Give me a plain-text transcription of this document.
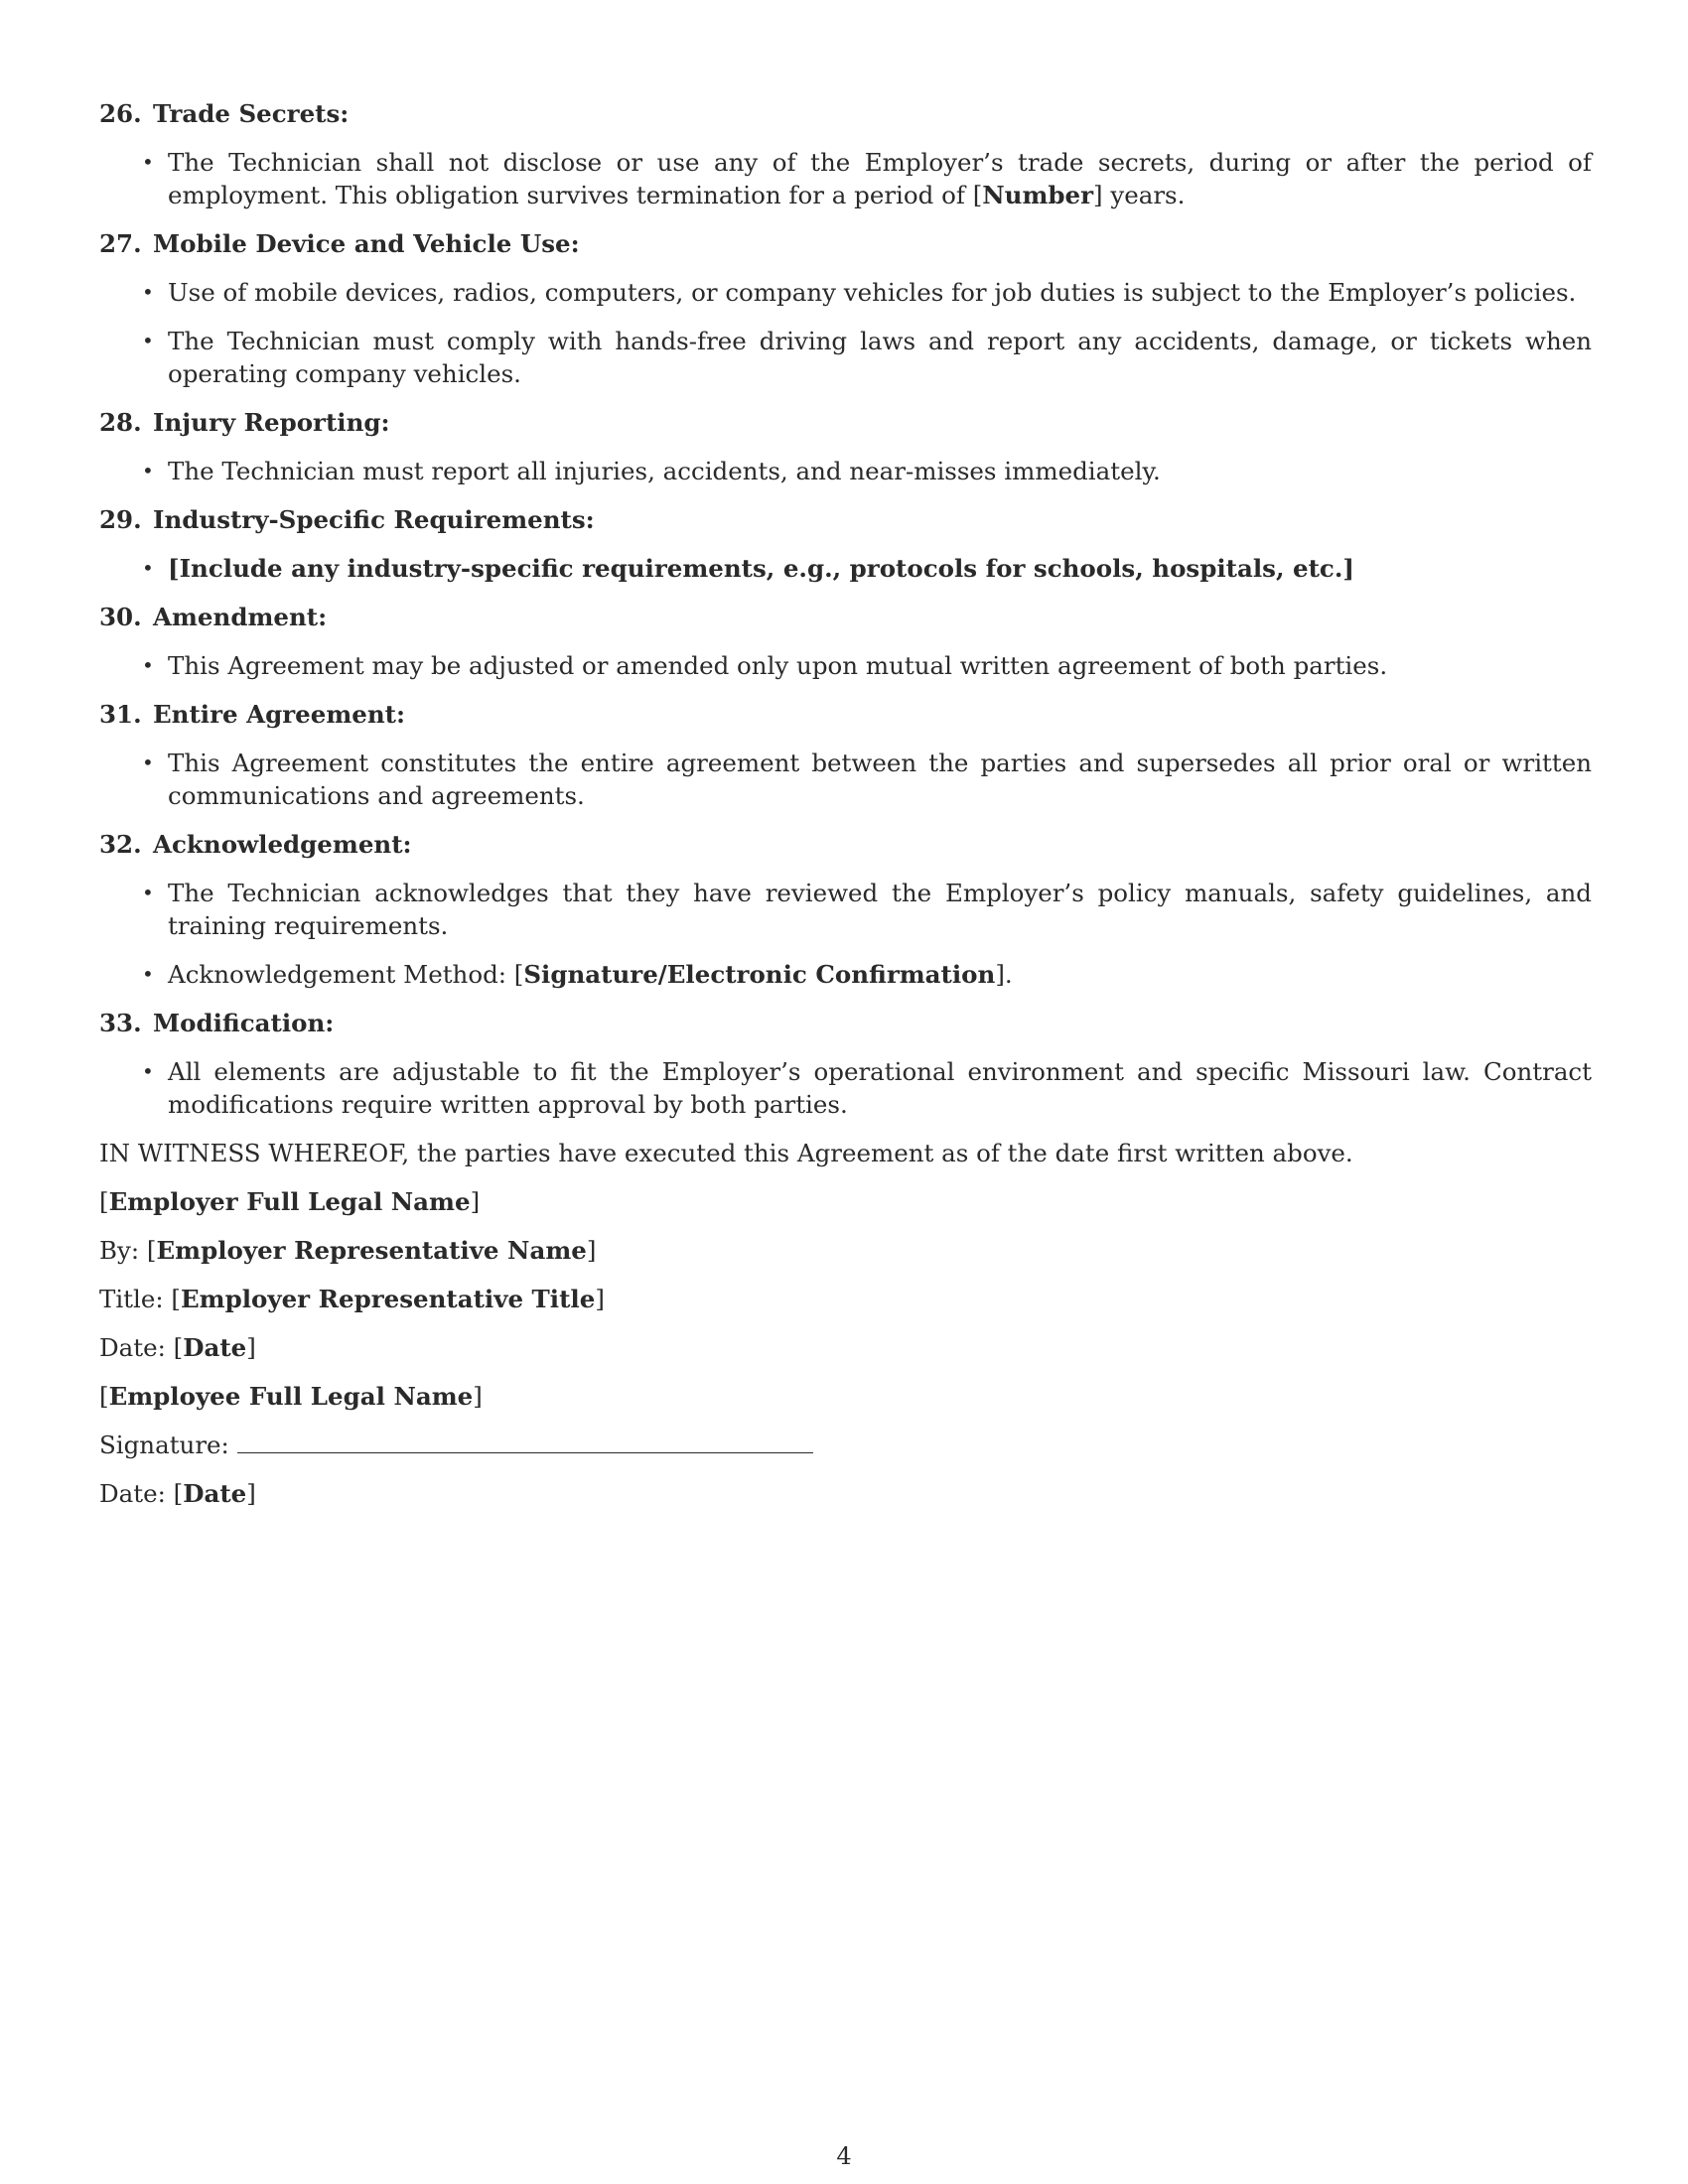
26. Trade Secrets:
• The Technician shall not disclose or use any of the Employer’s trade secrets, during or after the period of employment. This obligation survives termination for a period of [Number] years.
27. Mobile Device and Vehicle Use:
• Use of mobile devices, radios, computers, or company vehicles for job duties is subject to the Employer’s policies.
• The Technician must comply with hands-free driving laws and report any accidents, damage, or tickets when operating company vehicles.
28. Injury Reporting:
• The Technician must report all injuries, accidents, and near-misses immediately.
29. Industry-Specific Requirements:
• [Include any industry-specific requirements, e.g., protocols for schools, hospitals, etc.]
30. Amendment:
• This Agreement may be adjusted or amended only upon mutual written agreement of both parties.
31. Entire Agreement:
• This Agreement constitutes the entire agreement between the parties and supersedes all prior oral or written communications and agreements.
32. Acknowledgement:
• The Technician acknowledges that they have reviewed the Employer’s policy manuals, safety guidelines, and training requirements.
• Acknowledgement Method: [Signature/Electronic Confirmation].
33. Modification:
• All elements are adjustable to fit the Employer’s operational environment and specific Missouri law. Contract modifications require written approval by both parties.
IN WITNESS WHEREOF, the parties have executed this Agreement as of the date first written above.
[Employer Full Legal Name]
By: [Employer Representative Name]
Title: [Employer Representative Title]
Date: [Date]
[Employee Full Legal Name]
Signature:
Date: [Date]
4
